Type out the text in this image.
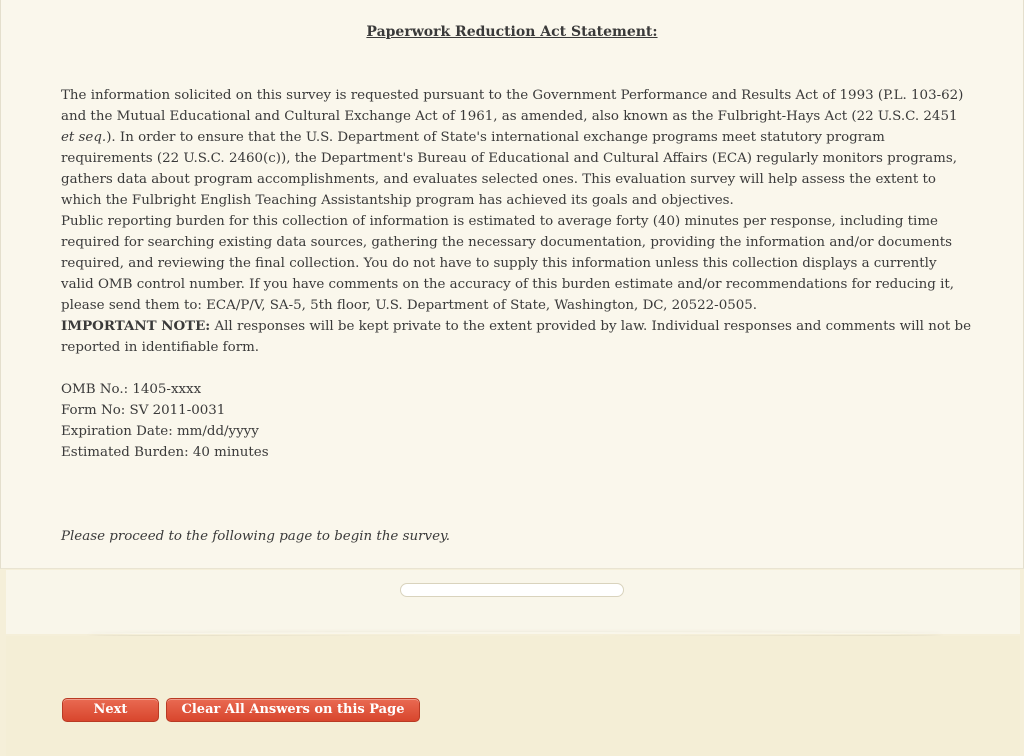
Paperwork Reduction Act Statement:
The information solicited on this survey is requested pursuant to the Government Performance and Results Act of 1993 (P.L. 103-62) and the Mutual Educational and Cultural Exchange Act of 1961, as amended, also known as the Fulbright-Hays Act (22 U.S.C. 2451 et seq.). In order to ensure that the U.S. Department of State's international exchange programs meet statutory program requirements (22 U.S.C. 2460(c)), the Department's Bureau of Educational and Cultural Affairs (ECA) regularly monitors programs, gathers data about program accomplishments, and evaluates selected ones. This evaluation survey will help assess the extent to which the Fulbright English Teaching Assistantship program has achieved its goals and objectives.
Public reporting burden for this collection of information is estimated to average forty (40) minutes per response, including time required for searching existing data sources, gathering the necessary documentation, providing the information and/or documents required, and reviewing the final collection. You do not have to supply this information unless this collection displays a currently valid OMB control number. If you have comments on the accuracy of this burden estimate and/or recommendations for reducing it, please send them to: ECA/P/V, SA-5, 5th floor, U.S. Department of State, Washington, DC, 20522-0505.
IMPORTANT NOTE: All responses will be kept private to the extent provided by law. Individual responses and comments will not be reported in identifiable form.
OMB No.: 1405-xxxx
Form No: SV 2011-0031
Expiration Date: mm/dd/yyyy
Estimated Burden: 40 minutes
Please proceed to the following page to begin the survey.
Next	Clear All Answers on this Page
